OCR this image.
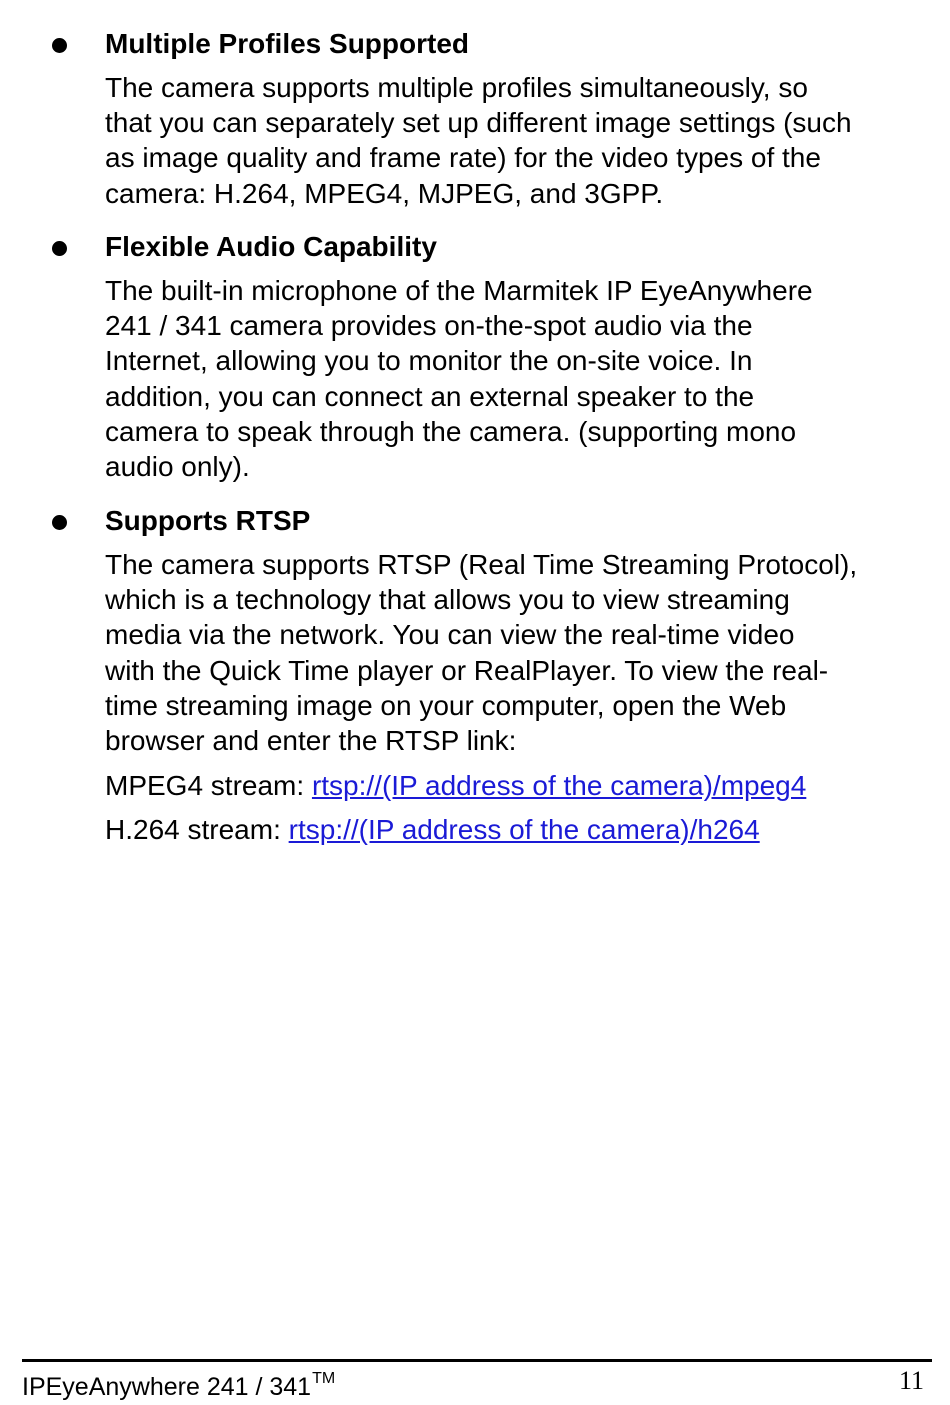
Multiple Profiles Supported
The camera supports multiple profiles simultaneously, so
that you can separately set up different image settings (such
as image quality and frame rate) for the video types of the
camera: H.264, MPEG4, MJPEG, and 3GPP.
Flexible Audio Capability
The built-in microphone of the Marmitek IP EyeAnywhere
241 / 341 camera provides on-the-spot audio via the
Internet, allowing you to monitor the on-site voice. In
addition, you can connect an external speaker to the
camera to speak through the camera. (supporting mono
audio only).
Supports RTSP
The camera supports RTSP (Real Time Streaming Protocol),
which is a technology that allows you to view streaming
media via the network. You can view the real-time video
with the Quick Time player or RealPlayer. To view the real-
time streaming image on your computer, open the Web
browser and enter the RTSP link:
MPEG4 stream: rtsp://(IP address of the camera)/mpeg4
H.264 stream: rtsp://(IP address of the camera)/h264
IPEyeAnywhere 241 / 341™	11
